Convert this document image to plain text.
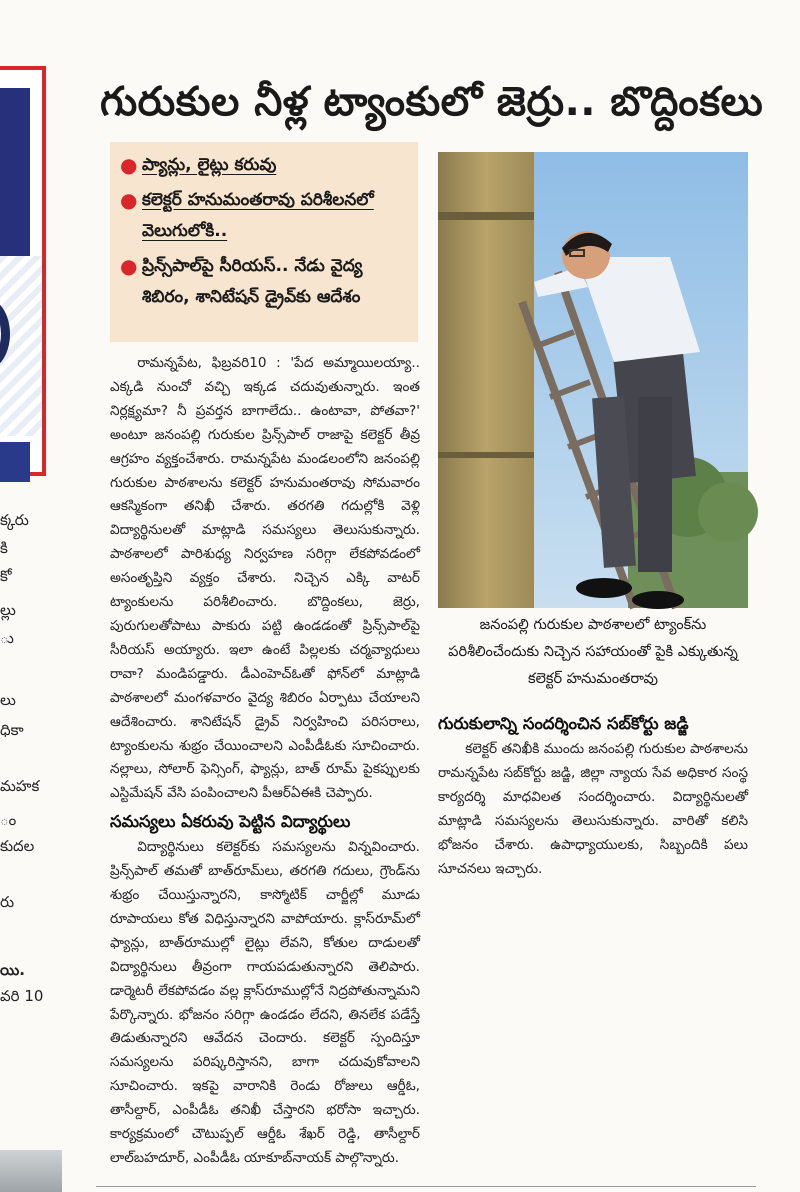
క్కరు
కి
కో
ల్లు
ు
లు
ధికా
మహక
ం
కుదల
రు
యి.
వరి 10
గురుకుల నీళ్ల ట్యాంకులో జెర్రు.. బొద్దింకలు
● ప్యాన్లు, లైట్లు కరువు
● కలెక్టర్ హనుమంతరావు పరిశీలనలో వెలుగులోకి..
● ప్రిన్స్‌పాల్‌పై సీరియస్.. నేడు వైద్య శిబిరం, శానిటేషన్ డ్రైవ్‌కు ఆదేశం
జనంపల్లి గురుకుల పాఠశాలలో ట్యాంక్‌ను పరిశీలించేందుకు నిచ్చెన సహాయంతో పైకి ఎక్కుతున్న కలెక్టర్ హనుమంతరావు

రామన్నపేట, ఫిబ్రవరి10 : 'పేద అమ్మాయిలయ్యా.. ఎక్కడి నుంచో వచ్చి ఇక్కడ చదువుతున్నారు. ఇంత నిర్లక్ష్యమా? నీ ప్రవర్తన బాగాలేదు.. ఉంటావా, పోతవా?' అంటూ జనంపల్లి గురుకుల ప్రిన్స్‌పాల్ రాజాపై కలెక్టర్ తీవ్ర ఆగ్రహం వ్యక్తంచేశారు. రామన్నపేట మండలంలోని జనంపల్లి గురుకుల పాఠశాలను కలెక్టర్ హనుమంతరావు సోమవారం ఆకస్మికంగా తనిఖీ చేశారు. తరగతి గదుల్లోకి వెళ్లి విద్యార్థినులతో మాట్లాడి సమస్యలు తెలుసుకున్నారు. పాఠశాలలో పారిశుధ్య నిర్వహణ సరిగ్గా లేకపోవడంలో అసంతృప్తిని వ్యక్తం చేశారు. నిచ్చెన ఎక్కి వాటర్ ట్యాంకులను పరిశీలించారు. బొద్దింకలు, జెర్రు, పురుగులతోపాటు పాకురు పట్టి ఉండడంతో ప్రిన్స్‌పాల్‌పై సీరియస్ అయ్యారు. ఇలా ఉంటే పిల్లలకు చర్మవ్యాధులు రావా? మండిపడ్డారు. డీఎంహెచ్‌ఓతో ఫోన్‌లో మాట్లాడి పాఠశాలలో మంగళవారం వైద్య శిబిరం ఏర్పాటు చేయాలని ఆదేశించారు. శానిటేషన్ డ్రైవ్ నిర్వహించి పరిసరాలు, ట్యాంకులను శుభ్రం చేయించాలని ఎంపీడీఓకు సూచించారు. నల్లాలు, సోలార్ ఫెన్సింగ్, ఫ్యాన్లు, బాత్ రూమ్ పైకప్పులకు ఎస్టిమేషన్ వేసి పంపించాలని పీఆర్ఏఈకి చెప్పారు.

సమస్యలు ఏకరువు పెట్టిన విద్యార్థులు

విద్యార్థినులు కలెక్టర్‌కు సమస్యలను విన్నవించారు. ప్రిన్స్‌పాల్ తమతో బాత్‌రూమ్‌లు, తరగతి గదులు, గ్రౌండ్‌ను శుభ్రం చేయిస్తున్నారని, కాస్మోటిక్ చార్జీల్లో మూడు రూపాయలు కోత విధిస్తున్నారని వాపోయారు. క్లాస్‌రూమ్‌లో ఫ్యాన్లు, బాత్‌రూముల్లో లైట్లు లేవని, కోతుల దాడులతో విద్యార్థినులు తీవ్రంగా గాయపడుతున్నారని తెలిపారు. డార్మెటరీ లేకపోవడం వల్ల క్లాస్‌రూముల్లోనే నిద్రపోతున్నామని పేర్కొన్నారు. భోజనం సరిగ్గా ఉండడం లేదని, తినలేక పడేస్తే తిడుతున్నారని ఆవేదన చెందారు. కలెక్టర్ స్పందిస్తూ సమస్యలను పరిష్కరిస్తానని, బాగా చదువుకోవాలని సూచించారు. ఇకపై వారానికి రెండు రోజులు ఆర్డీఓ, తాసీల్దార్, ఎంపీడీఓ తనిఖీ చేస్తారని భరోసా ఇచ్చారు. కార్యక్రమంలో చౌటుప్పల్ ఆర్డీఓ శేఖర్ రెడ్డి, తాసీల్దార్ లాల్‌బహదూర్, ఎంపీడీఓ యాకూబ్‌నాయక్ పాల్గొన్నారు.

గురుకులాన్ని సందర్శించిన సబ్‌కోర్టు జడ్జి

కలెక్టర్ తనిఖీకి ముందు జనంపల్లి గురుకుల పాఠశాలను రామన్నపేట సబ్‌కోర్టు జడ్జి, జిల్లా న్యాయ సేవ అధికార సంస్థ కార్యదర్శి మాధవిలత సందర్శించారు. విద్యార్థినులతో మాట్లాడి సమస్యలను తెలుసుకున్నారు. వారితో కలిసి భోజనం చేశారు. ఉపాధ్యాయులకు, సిబ్బందికి పలు సూచనలు ఇచ్చారు.
